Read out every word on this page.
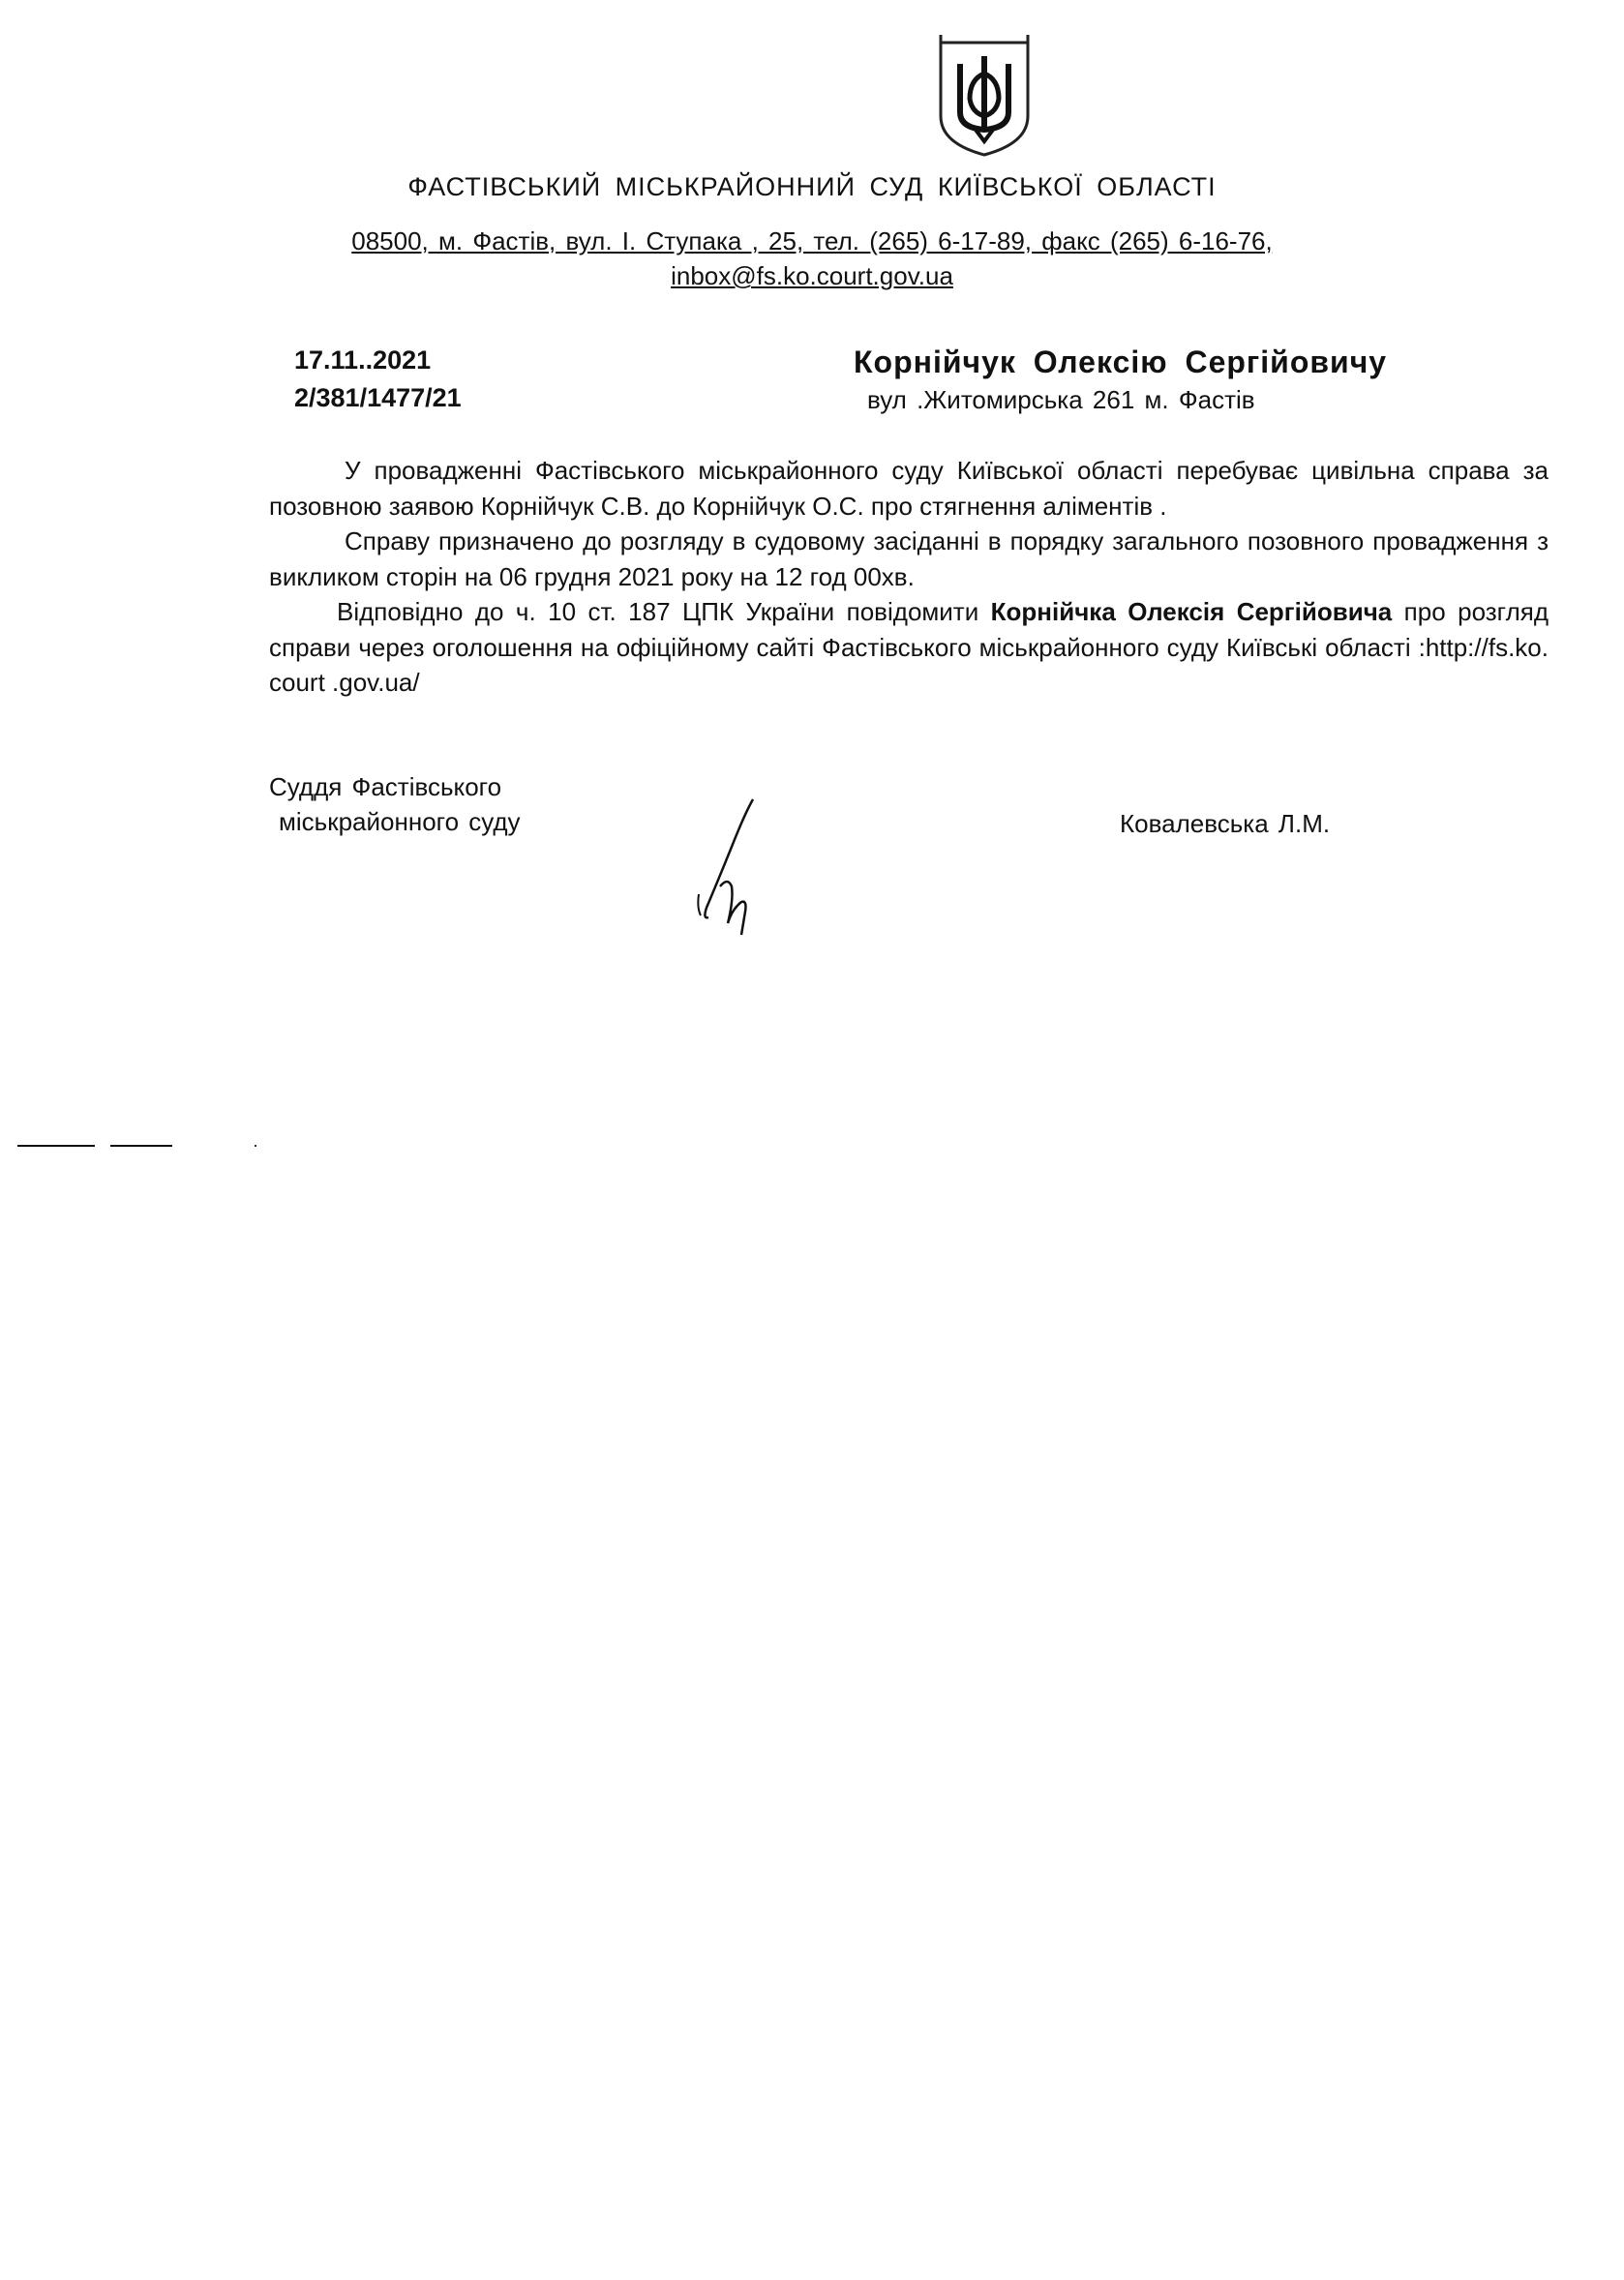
ФАСТІВСЬКИЙ МІСЬКРАЙОННИЙ СУД КИЇВСЬКОЇ ОБЛАСТІ
08500, м. Фастів, вул. І. Ступака , 25, тел. (265) 6-17-89, факс (265) 6-16-76,
inbox@fs.ko.court.gov.ua
17.11..2021
2/381/1477/21
Корнійчук Олексію Сергійовичу
вул .Житомирська 261 м. Фастів

У провадженні Фастівського міськрайонного суду Київської області перебуває цивільна справа за позовною заявою Корнійчук С.В. до Корнійчук О.С. про стягнення аліментів .

Справу призначено до розгляду в судовому засіданні в порядку загального позовного провадження з викликом сторін на 06 грудня 2021 року на 12 год 00хв.

Відповідно до ч. 10 ст. 187 ЦПК України повідомити Корнійчка Олексія Сергійовича про розгляд справи через оголошення на офіційному сайті Фастівського міськрайонного суду Київські області :http://fs.ko. court .gov.ua/

Суддя Фастівського
міськрайонного суду	Ковалевська Л.М.
